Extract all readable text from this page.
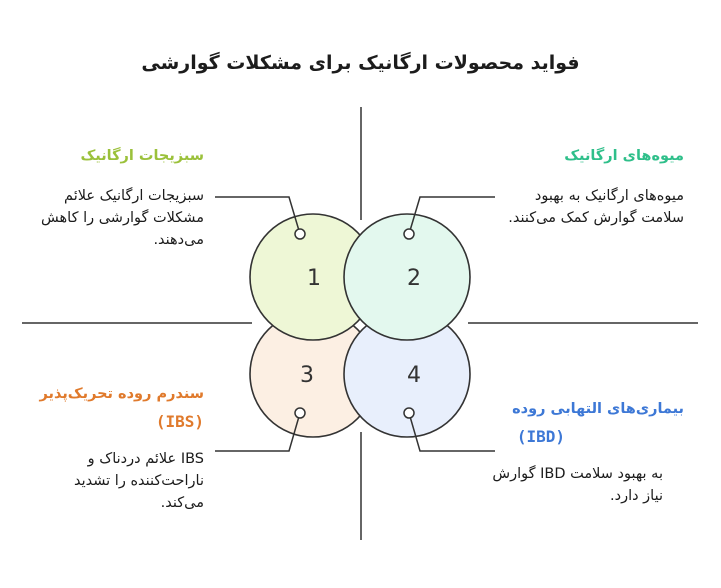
فواید محصولات ارگانیک برای مشکلات گوارشی
1	2
3	4
سبزیجات ارگانیک
سبزیجات ارگانیک علائم مشکلات گوارشی را کاهش می‌دهند.
میوه‌های ارگانیک
میوه‌های ارگانیک به بهبود سلامت گوارش کمک می‌کنند.
سندرم روده تحریک‌پذیر
(IBS)
IBS علائم دردناک و ناراحت‌کننده را تشدید می‌کند.
بیماری‌های التهابی روده
(IBD)
به بهبود سلامت IBD گوارش نیاز دارد.
